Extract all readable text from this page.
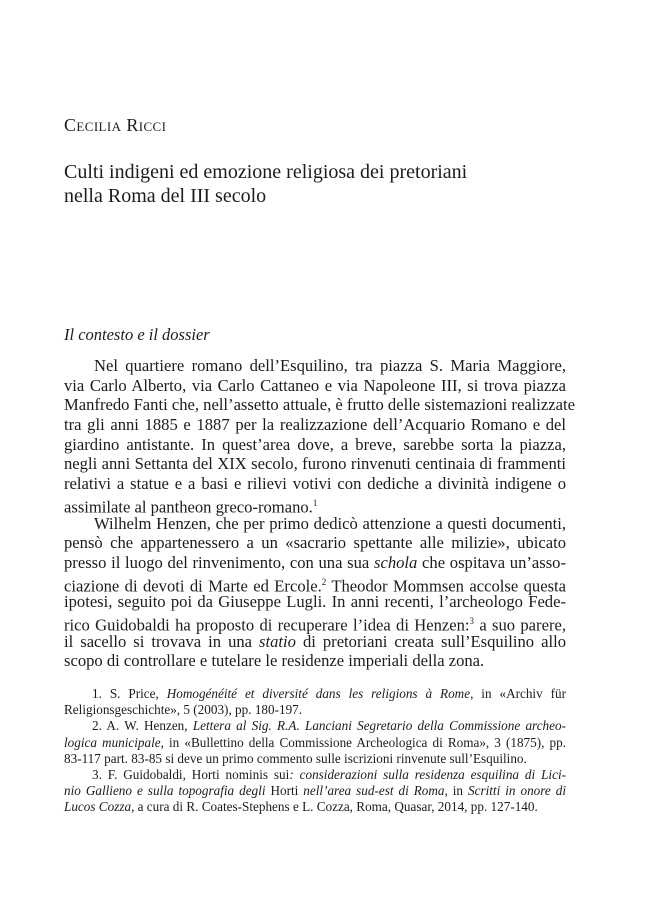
Cecilia Ricci
Culti indigeni ed emozione religiosa dei pretoriani
nella Roma del III secolo
Il contesto e il dossier
Nel quartiere romano dell’Esquilino, tra piazza S. Maria Maggiore,
via Carlo Alberto, via Carlo Cattaneo e via Napoleone III, si trova piazza
Manfredo Fanti che, nell’assetto attuale, è frutto delle sistemazioni realizzate
tra gli anni 1885 e 1887 per la realizzazione dell’Acquario Romano e del
giardino antistante. In quest’area dove, a breve, sarebbe sorta la piazza,
negli anni Settanta del XIX secolo, furono rinvenuti centinaia di frammenti
relativi a statue e a basi e rilievi votivi con dediche a divinità indigene o
assimilate al pantheon greco-romano.$^1$
Wilhelm Henzen, che per primo dedicò attenzione a questi documenti,
pensò che appartenessero a un «sacrario spettante alle milizie», ubicato
presso il luogo del rinvenimento, con una sua schola che ospitava un’asso-
ciazione di devoti di Marte ed Ercole.$^2$ Theodor Mommsen accolse questa
ipotesi, seguito poi da Giuseppe Lugli. In anni recenti, l’archeologo Fede-
rico Guidobaldi ha proposto di recuperare l’idea di Henzen:$^3$ a suo parere,
il sacello si trovava in una statio di pretoriani creata sull’Esquilino allo
scopo di controllare e tutelare le residenze imperiali della zona.
1. S. Price, Homogénéité et diversité dans les religions à Rome, in «Archiv für
Religionsgeschichte», 5 (2003), pp. 180-197.
2. A. W. Henzen, Lettera al Sig. R.A. Lanciani Segretario della Commissione archeo-
logica municipale, in «Bullettino della Commissione Archeologica di Roma», 3 (1875), pp.
83-117 part. 83-85 si deve un primo commento sulle iscrizioni rinvenute sull’Esquilino.
3. F. Guidobaldi, Horti nominis sui: considerazioni sulla residenza esquilina di Lici-
nio Gallieno e sulla topografia degli Horti nell’area sud-est di Roma, in Scritti in onore di
Lucos Cozza, a cura di R. Coates-Stephens e L. Cozza, Roma, Quasar, 2014, pp. 127-140.
